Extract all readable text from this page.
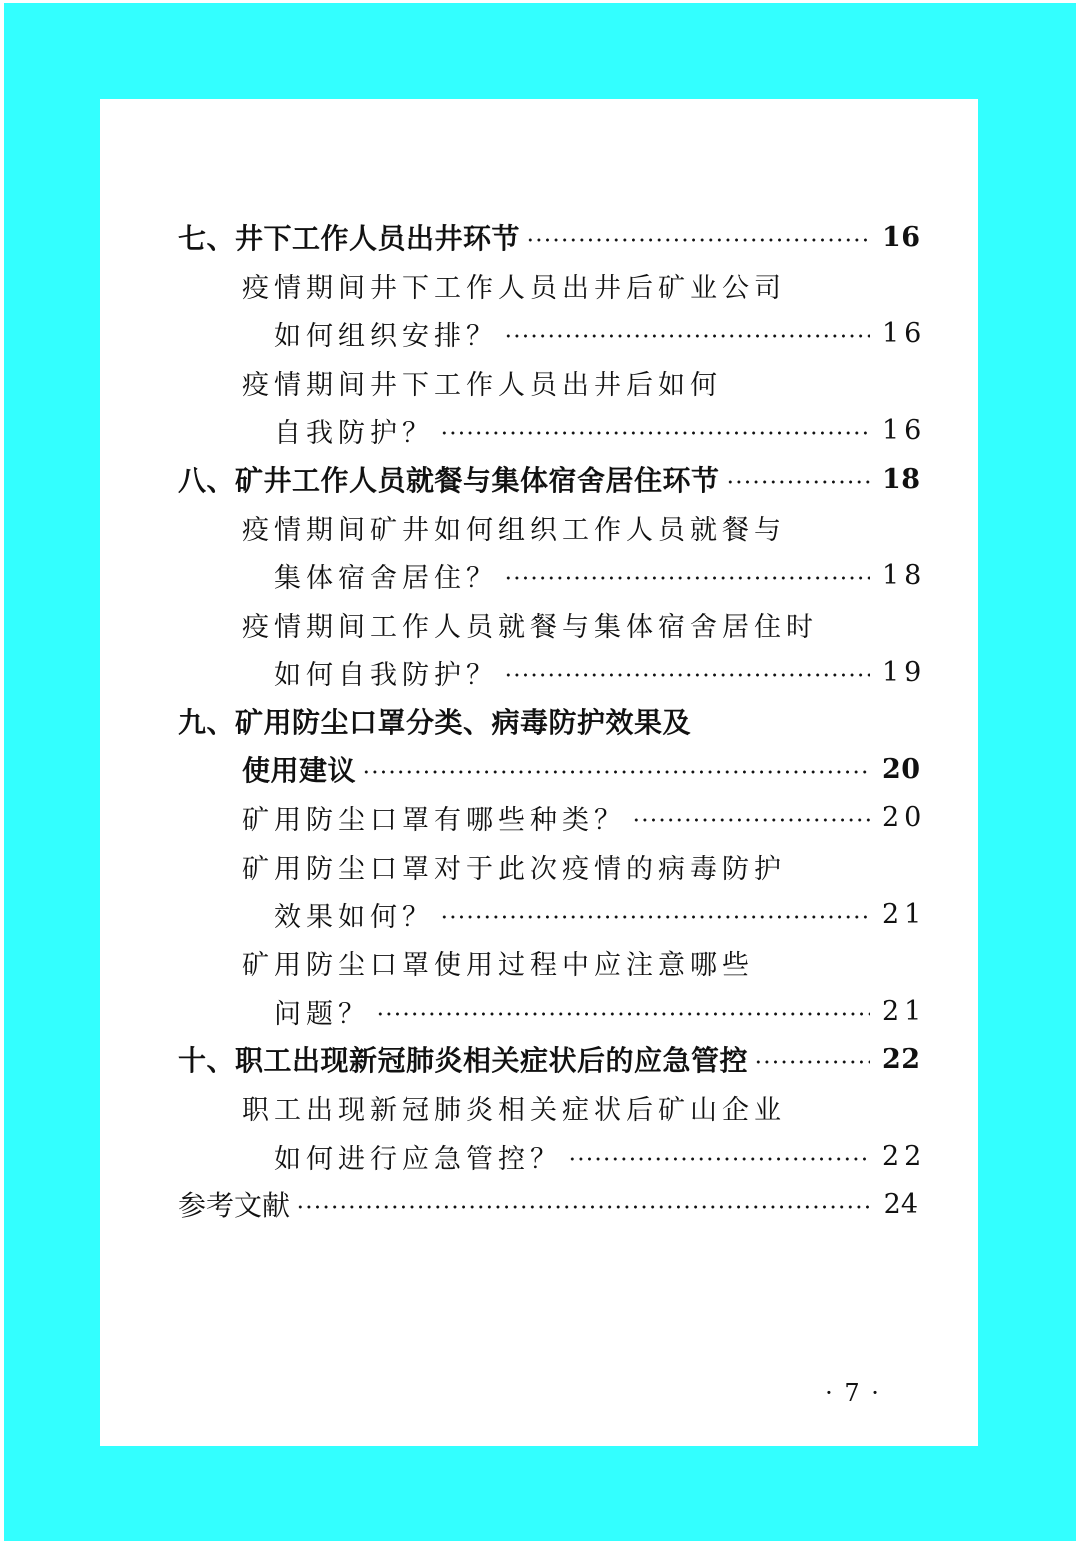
七、井下工作人员出井环节	16
疫情期间井下工作人员出井后矿业公司
如何组织安排？	16
疫情期间井下工作人员出井后如何
自我防护？	16
八、矿井工作人员就餐与集体宿舍居住环节	18
疫情期间矿井如何组织工作人员就餐与
集体宿舍居住？	18
疫情期间工作人员就餐与集体宿舍居住时
如何自我防护？	19
九、矿用防尘口罩分类、病毒防护效果及
使用建议	20
矿用防尘口罩有哪些种类？	20
矿用防尘口罩对于此次疫情的病毒防护
效果如何？	21
矿用防尘口罩使用过程中应注意哪些
问题？	21
十、职工出现新冠肺炎相关症状后的应急管控	22
职工出现新冠肺炎相关症状后矿山企业
如何进行应急管控？	22
参考文献	24
· 7 ·
